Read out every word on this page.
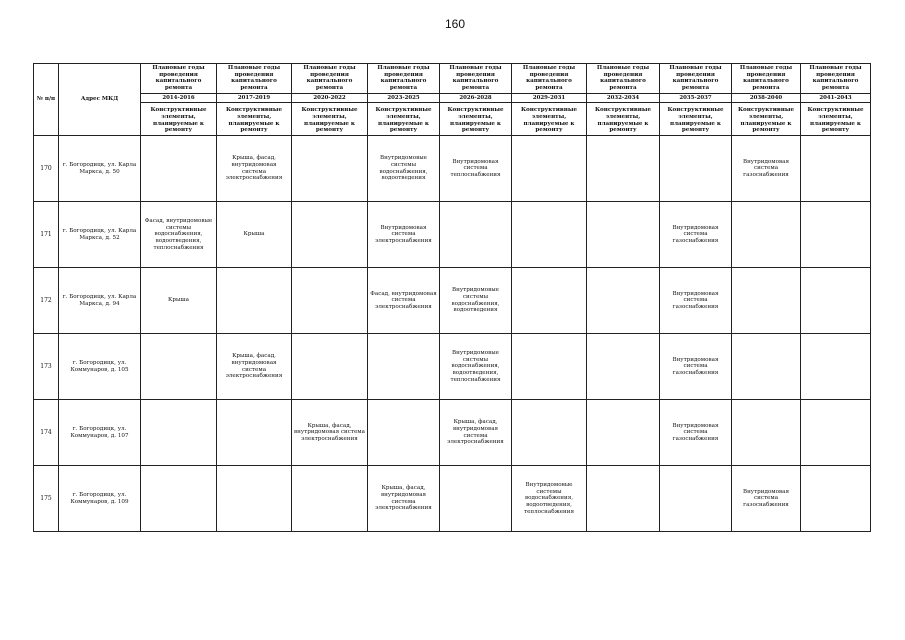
160
№ п/п	Адрес МКД	Плановые годы проведения капитального ремонта	Плановые годы проведения капитального ремонта	Плановые годы проведения капитального ремонта	Плановые годы проведения капитального ремонта	Плановые годы проведения капитального ремонта	Плановые годы проведения капитального ремонта	Плановые годы проведения капитального ремонта	Плановые годы проведения капитального ремонта	Плановые годы проведения капитального ремонта	Плановые годы проведения капитального ремонта
		2014-2016	2017-2019	2020-2022	2023-2025	2026-2028	2029-2031	2032-2034	2035-2037	2038-2040	2041-2043
		Конструктивные элементы, планируемые к ремонту	Конструктивные элементы, планируемые к ремонту	Конструктивные элементы, планируемые к ремонту	Конструктивные элементы, планируемые к ремонту	Конструктивные элементы, планируемые к ремонту	Конструктивные элементы, планируемые к ремонту	Конструктивные элементы, планируемые к ремонту	Конструктивные элементы, планируемые к ремонту	Конструктивные элементы, планируемые к ремонту	Конструктивные элементы, планируемые к ремонту
170	г. Богородицк, ул. Карла Маркса, д. 50		Крыша, фасад, внутридомовая система электроснабжения		Внутридомовые системы водоснабжения, водоотведения	Внутридомовая система теплоснабжения				Внутридомовая система газоснабжения	
171	г. Богородицк, ул. Карла Маркса, д. 52	Фасад, внутридомовые системы водоснабжения, водоотведения, теплоснабжения	Крыша		Внутридомовая система электроснабжения				Внутридомовая система газоснабжения		
172	г. Богородицк, ул. Карла Маркса, д. 94	Крыша			Фасад, внутридомовая система электроснабжения	Внутридомовые системы водоснабжения, водоотведения			Внутридомовая система газоснабжения		
173	г. Богородицк, ул. Коммунаров, д. 105		Крыша, фасад, внутридомовая система электроснабжения			Внутридомовые системы водоснабжения, водоотведения, теплоснабжения			Внутридомовая система газоснабжения		
174	г. Богородицк, ул. Коммунаров, д. 107			Крыша, фасад, внутридомовая система электроснабжения		Крыша, фасад, внутридомовая система электроснабжения			Внутридомовая система газоснабжения		
175	г. Богородицк, ул. Коммунаров, д. 109				Крыша, фасад, внутридомовая система электроснабжения		Внутридомовые системы водоснабжения, водоотведения, теплоснабжения			Внутридомовая система газоснабжения	
